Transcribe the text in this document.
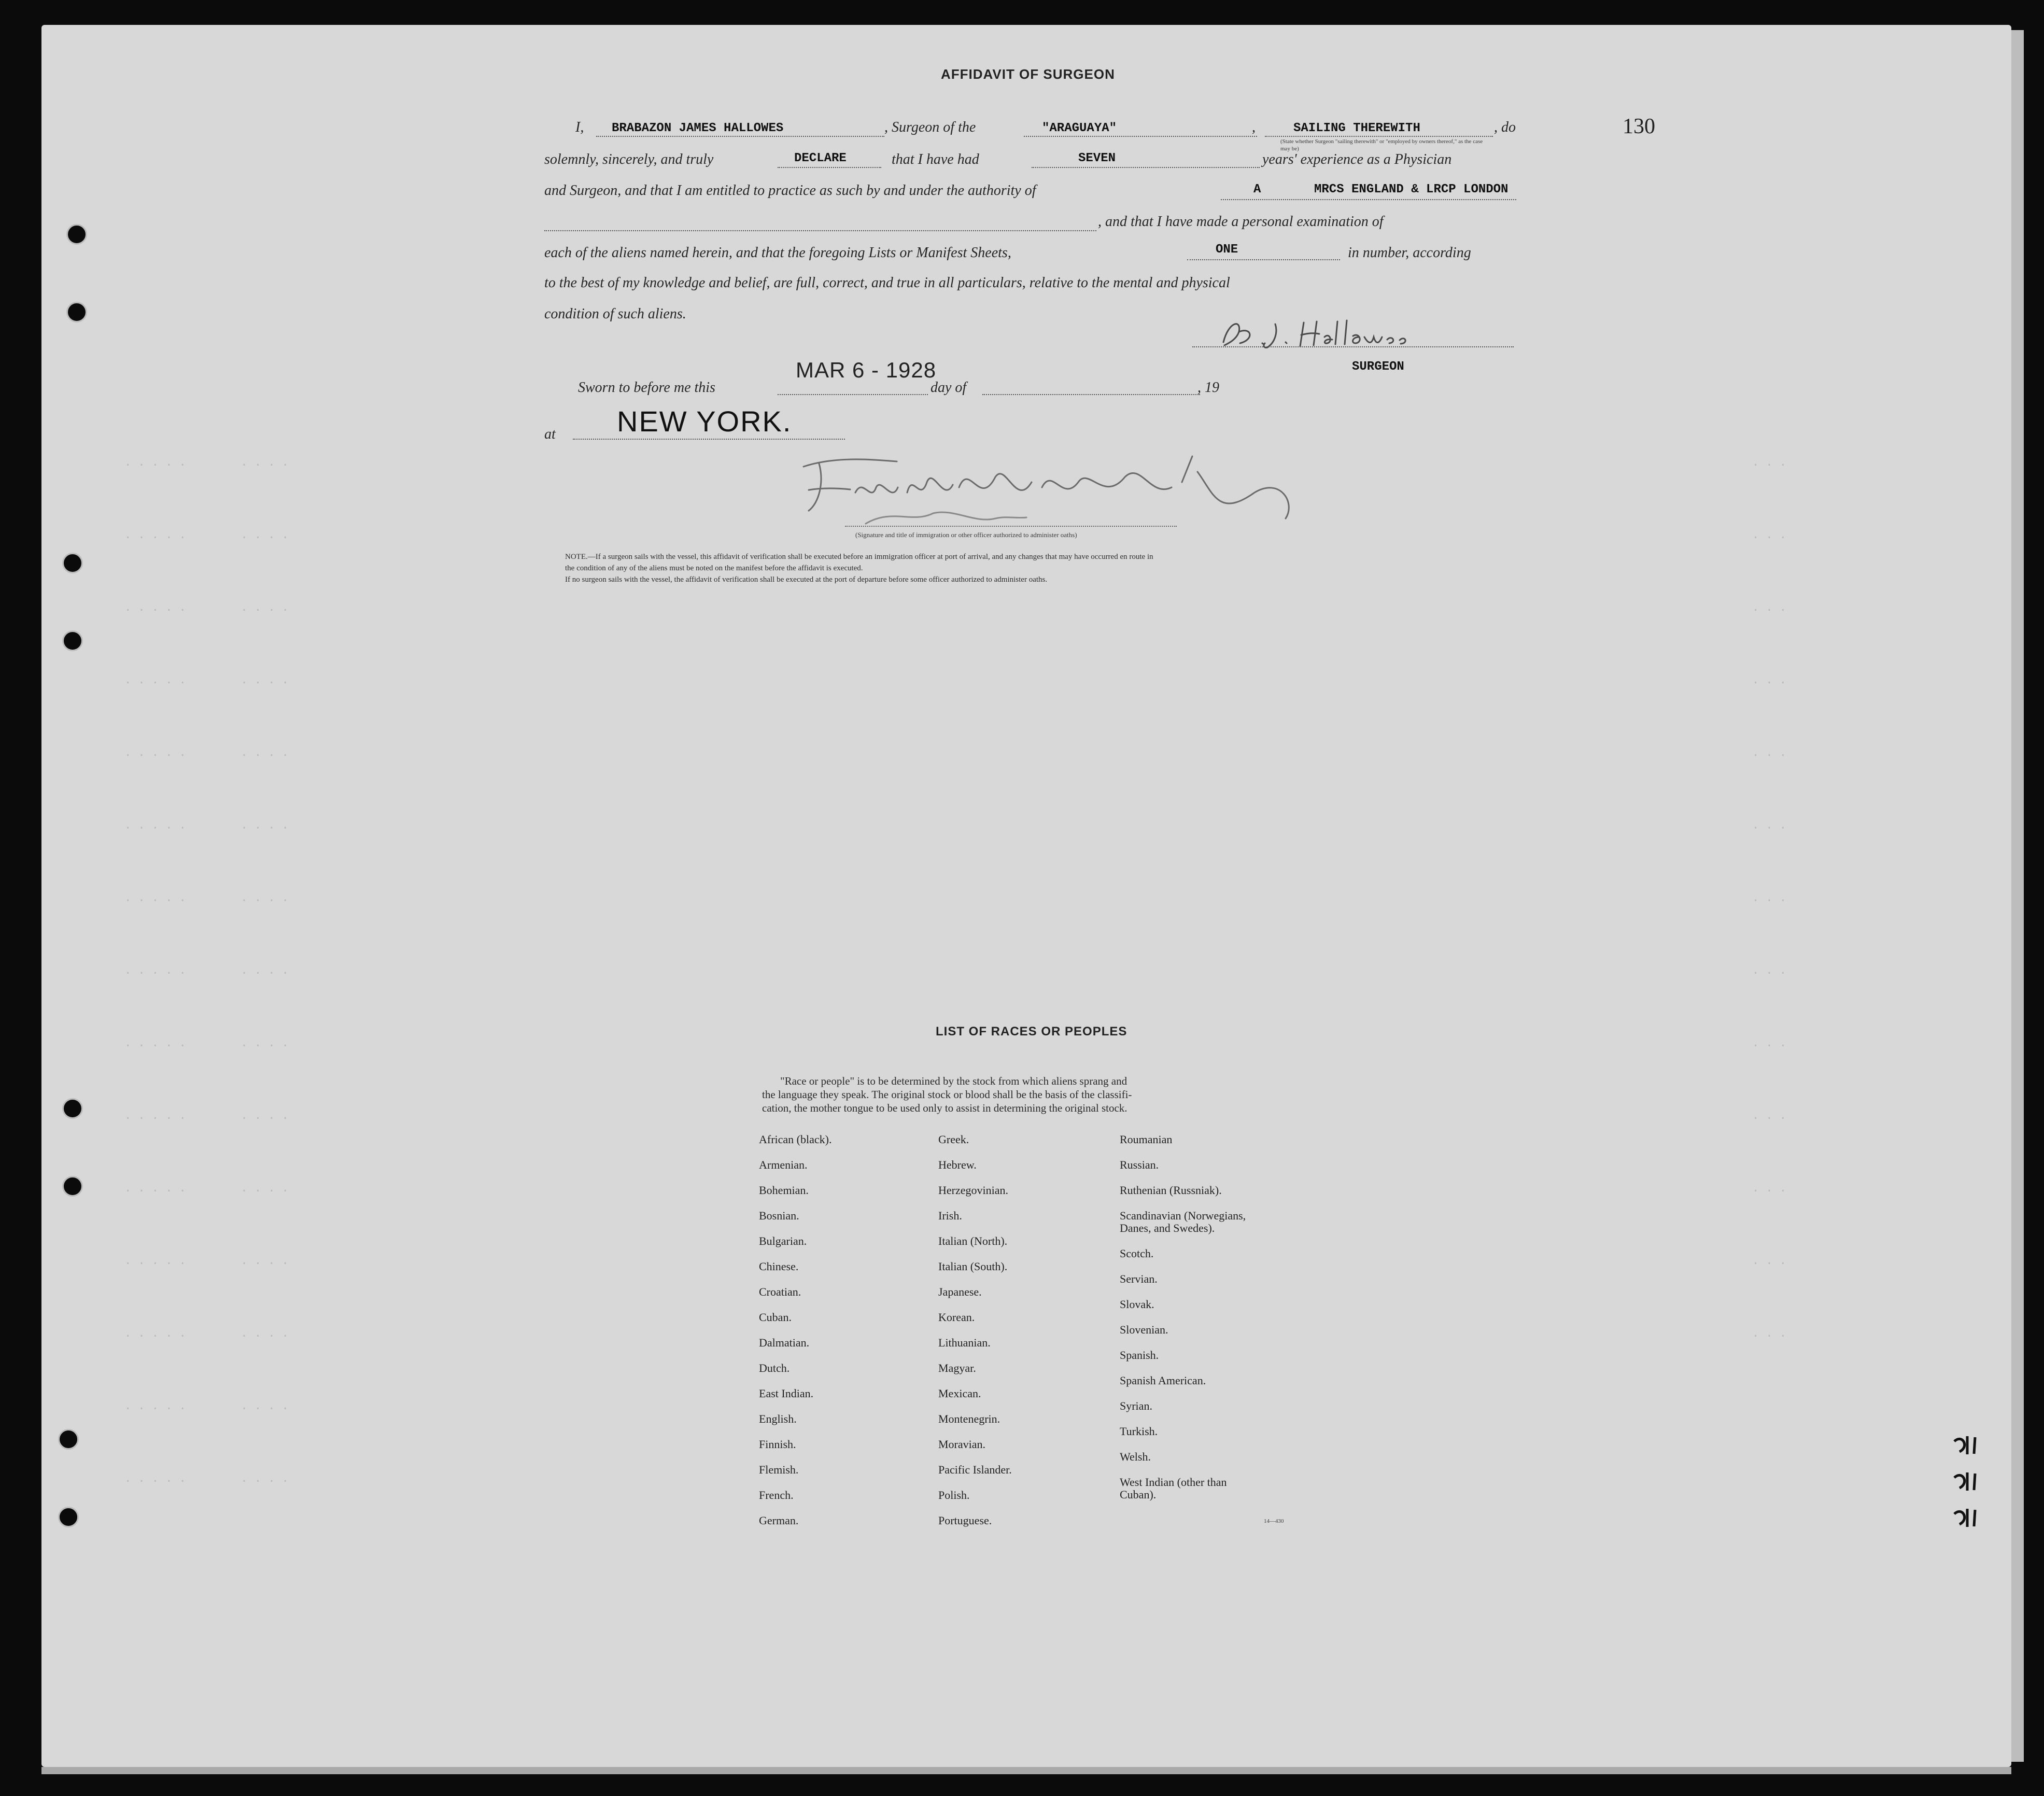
. . . . .        . . . .
. . . . .        . . . .
. . . . .        . . . .
. . . . .        . . . .
. . . . .        . . . .
. . . . .        . . . .
. . . . .        . . . .
. . . . .        . . . .
. . . . .        . . . .
. . . . .        . . . .
. . . . .        . . . .
. . . . .        . . . .
. . . . .        . . . .
. . . . .        . . . .
. . . . .        . . . .
. . .
. . .
. . .
. . .
. . .
. . .
. . .
. . .
. . .
. . .
. . .
. . .
. . .
130
AFFIDAVIT OF SURGEON
I, BRABAZON JAMES HALLOWES	, Surgeon of the	"ARAGUAYA"	,	SAILING THEREWITH	, do
(State whether Surgeon "sailing therewith" or "employed by owners thereof," as the case may be)
solemnly, sincerely, and truly	DECLARE	that I have had	SEVEN	years' experience as a Physician
and Surgeon, and that I am entitled to practice as such by and under the authority of	A	MRCS ENGLAND & LRCP LONDON
, and that I have made a personal examination of
each of the aliens named herein, and that the foregoing Lists or Manifest Sheets,	ONE	in number, according
to the best of my knowledge and belief, are full, correct, and true in all particulars, relative to the mental and physical
condition of such aliens.
SURGEON
Sworn to before me this
MAR 6 - 1928
day of	, 19
at NEW YORK.
(Signature and title of immigration or other officer authorized to administer oaths)
NOTE.—If a surgeon sails with the vessel, this affidavit of verification shall be executed before an immigration officer at port of arrival, and any changes that may have occurred en route in
the condition of any of the aliens must be noted on the manifest before the affidavit is executed.
If no surgeon sails with the vessel, the affidavit of verification shall be executed at the port of departure before some officer authorized to administer oaths.
LIST OF RACES OR PEOPLES
"Race or people" is to be determined by the stock from which aliens sprang and
the language they speak. The original stock or blood shall be the basis of the classifi-
cation, the mother tongue to be used only to assist in determining the original stock.
African (black).
Armenian.
Bohemian.
Bosnian.
Bulgarian.
Chinese.
Croatian.
Cuban.
Dalmatian.
Dutch.
East Indian.
English.
Finnish.
Flemish.
French.
German.
Greek.
Hebrew.
Herzegovinian.
Irish.
Italian (North).
Italian (South).
Japanese.
Korean.
Lithuanian.
Magyar.
Mexican.
Montenegrin.
Moravian.
Pacific Islander.
Polish.
Portuguese.
Roumanian
Russian.
Ruthenian (Russniak).
Scandinavian (Norwegians,
Danes, and Swedes).
Scotch.
Servian.
Slovak.
Slovenian.
Spanish.
Spanish American.
Syrian.
Turkish.
Welsh.
West Indian (other than
Cuban).
14—430
